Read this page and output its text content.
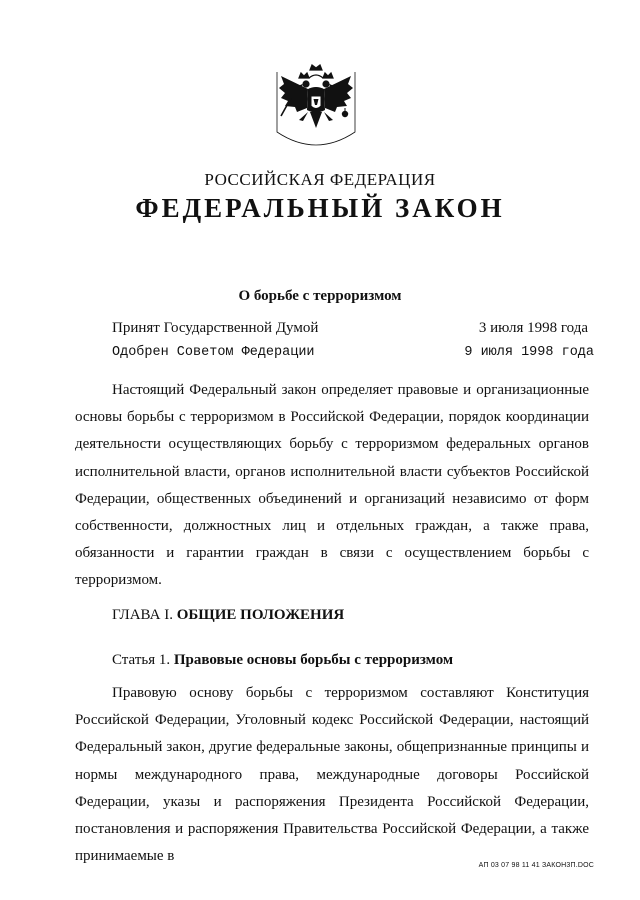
РОССИЙСКАЯ ФЕДЕРАЦИЯ
ФЕДЕРАЛЬНЫЙ ЗАКОН
О борьбе с терроризмом
Принят Государственной Думой	3 июля 1998 года
Одобрен Советом Федерации	9 июля 1998 года

Настоящий Федеральный закон определяет правовые и организационные основы борьбы с терроризмом в Российской Федерации, порядок координации деятельности осуществляющих борьбу с терроризмом федеральных органов исполнительной власти, органов исполнительной власти субъектов Российской Федерации, общественных объединений и организаций независимо от форм собственности, должностных лиц и отдельных граждан, а также права, обязанности и гарантии граждан в связи с осуществлением борьбы с терроризмом.

ГЛАВА I. ОБЩИЕ ПОЛОЖЕНИЯ
Статья 1. Правовые основы борьбы с терроризмом

Правовую основу борьбы с терроризмом составляют Конституция Российской Федерации, Уголовный кодекс Российской Федерации, настоящий Федеральный закон, другие федеральные законы, общепризнанные принципы и нормы международного права, международные договоры Российской Федерации, указы и распоряжения Президента Российской Федерации, постановления и распоряжения Правительства Российской Федерации, а также принимаемые в

АП 03 07 98 11 41 ЗАКОН3П.DOC
